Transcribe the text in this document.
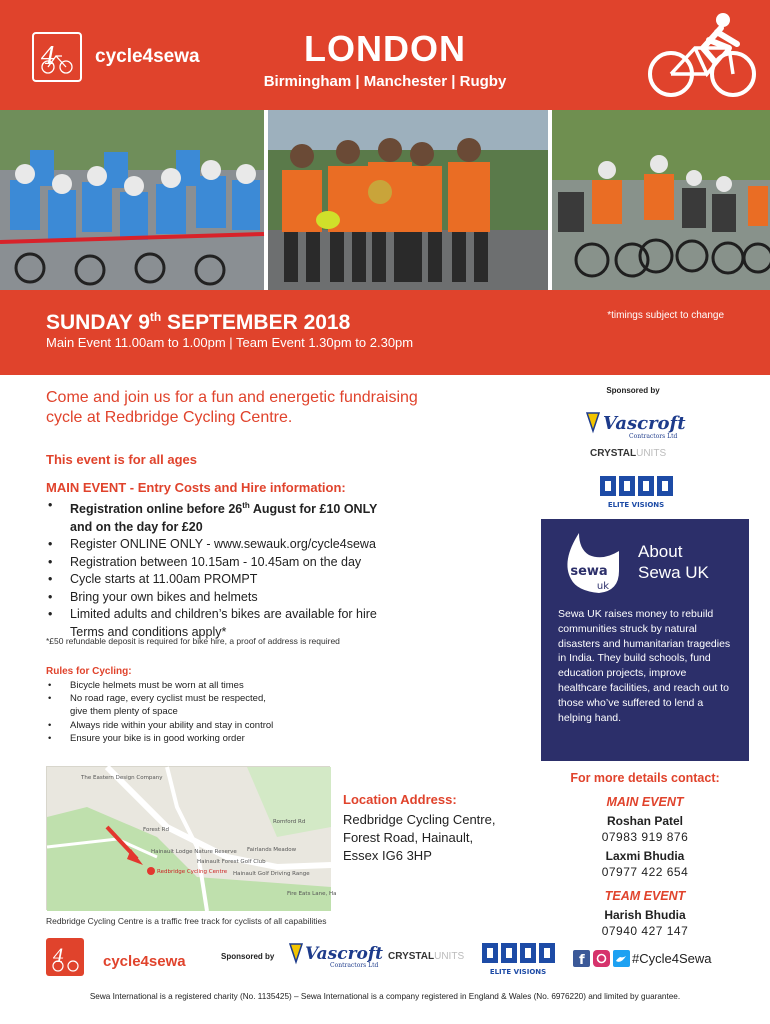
4 cycle4sewa	LONDON
Birmingham | Manchester | Rugby
SUNDAY 9th SEPTEMBER 2018
Main Event 11.00am to 1.00pm | Team Event 1.30pm to 2.30pm
*timings subject to change
Come and join us for a fun and energetic fundraising cycle at Redbridge Cycling Centre.
This event is for all ages
MAIN EVENT - Entry Costs and Hire information:
• Registration online before 26th August for £10 ONLY
and on the day for £20
• Register ONLINE ONLY - www.sewauk.org/cycle4sewa
• Registration between 10.15am - 10.45am on the day
• Cycle starts at 11.00am PROMPT
• Bring your own bikes and helmets
• Limited adults and children’s bikes are available for hire
Terms and conditions apply*
*£50 refundable deposit is required for bike hire, a proof of address is required
Rules for Cycling:
• Bicycle helmets must be worn at all times
• No road rage, every cyclist must be respected,
give them plenty of space
• Always ride within your ability and stay in control
• Ensure your bike is in good working order
Sponsored by
Vascroft
Contractors Ltd
CRYSTALUNITS
ELITE VISIONS
sewa
uk
About
Sewa UK
Sewa UK raises money to rebuild communities struck by natural disasters and humanitarian tragedies in India. They build schools, fund education projects, improve healthcare facilities, and reach out to those who’ve suffered to lend a helping hand.
The Eastern Design Company
Hainault Lodge Nature Reserve
Redbridge Cycling Centre
Hainault Forest Golf Club
Fairlands Meadow
Fire Eats Lane, Ha
Hainault Golf Driving Range
Forest Rd
Romford Rd
Redbridge Cycling Centre is a traffic free track for cyclists of all capabilities
Location Address:
Redbridge Cycling Centre,
Forest Road, Hainault,
Essex IG6 3HP
For more details contact:
MAIN EVENT
Roshan Patel
07983 919 876
Laxmi Bhudia
07977 422 654
TEAM EVENT
Harish Bhudia
07940 427 147
4	cycle4sewa	Sponsored by Vascroft
Contractors Ltd
CRYSTALUNITS
ELITE VISIONS
f	#Cycle4Sewa
Sewa International is a registered charity (No. 1135425) – Sewa International is a company registered in England & Wales (No. 6976220) and limited by guarantee.
